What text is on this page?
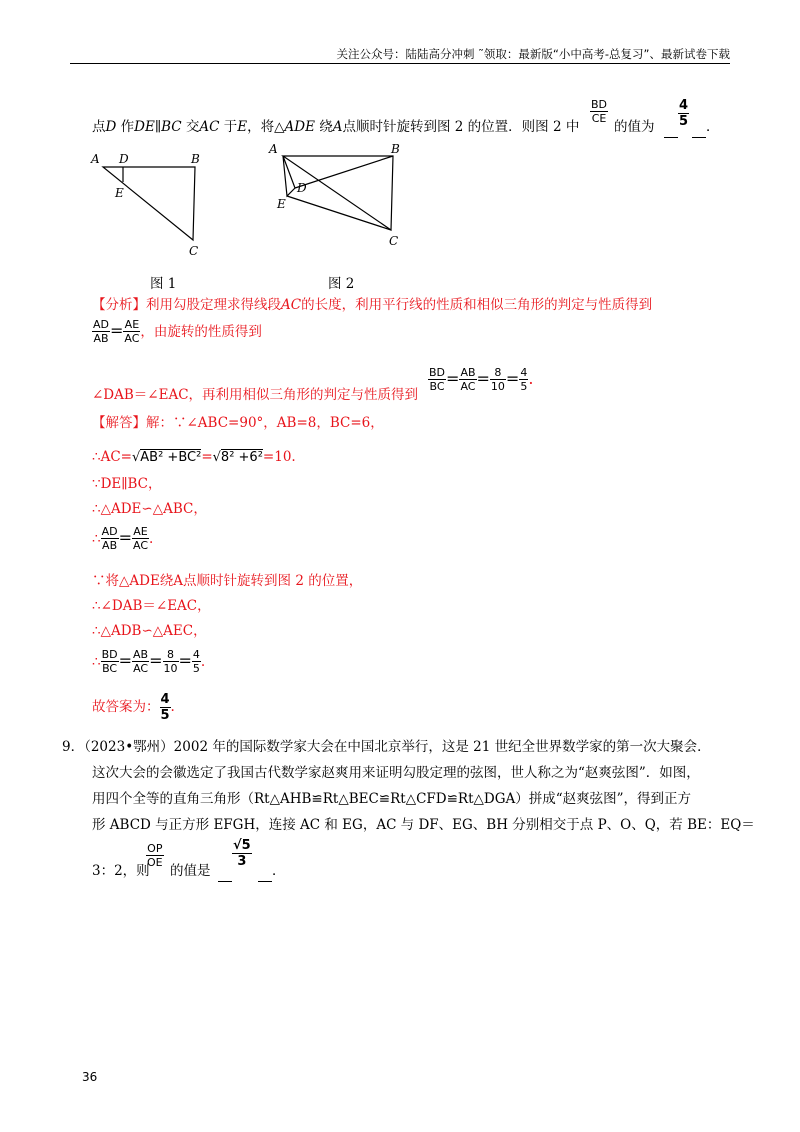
关注公众号：陆陆高分冲刺 ˜领取：最新版“小中高考-总复习”、最新试卷下载
点D 作DE∥BC 交AC 于E，将△ADE 绕A点顺时针旋转到图 2 的位置．则图 2 中
$\frac{BD}{CE}$
的值为
$\frac{4}{5}$	．
A D	B
E
C
图 1
A	B
D
E
C
图 2
【分析】利用勾股定理求得线段AC的长度，利用平行线的性质和相似三角形的判定与性质得到
$\frac{AD}{AB} = \frac{AE}{AC}$ ，由旋转的性质得到
∠DAB＝∠EAC，再利用相似三角形的判定与性质得到
$\frac{BD}{BC} = \frac{AB}{AC} = \frac{8}{10} = \frac{4}{5}$ .
【解答】解：∵∠ABC=90°，AB=8，BC=6，
∴AC=√AB² +BC²=√8² +6²=10.
∵DE∥BC，
∴△ADE∽△ABC，
∴ $\frac{AD}{AB} = \frac{AE}{AC}$ .
∵将△ADE绕A点顺时针旋转到图 2 的位置，
∴∠DAB＝∠EAC，
∴△ADB∽△AEC，
∴ $\frac{BD}{BC} = \frac{AB}{AC} = \frac{8}{10} = \frac{4}{5}$ .
故答案为： $\frac{4}{5}$ .
9．（2023•鄂州）2002 年的国际数学家大会在中国北京举行，这是 21 世纪全世界数学家的第一次大聚会．
这次大会的会徽选定了我国古代数学家赵爽用来证明勾股定理的弦图，世人称之为“赵爽弦图”．如图，
用四个全等的直角三角形（Rt△AHB≌Rt△BEC≌Rt△CFD≌Rt△DGA）拼成“赵爽弦图”，得到正方
形 ABCD 与正方形 EFGH，连接 AC 和 EG，AC 与 DF、EG、BH 分别相交于点 P、O、Q，若 BE：EQ＝
3：2，则
$\frac{OP}{OE}$
的值是

$\frac{√5}{3}$
．
36
